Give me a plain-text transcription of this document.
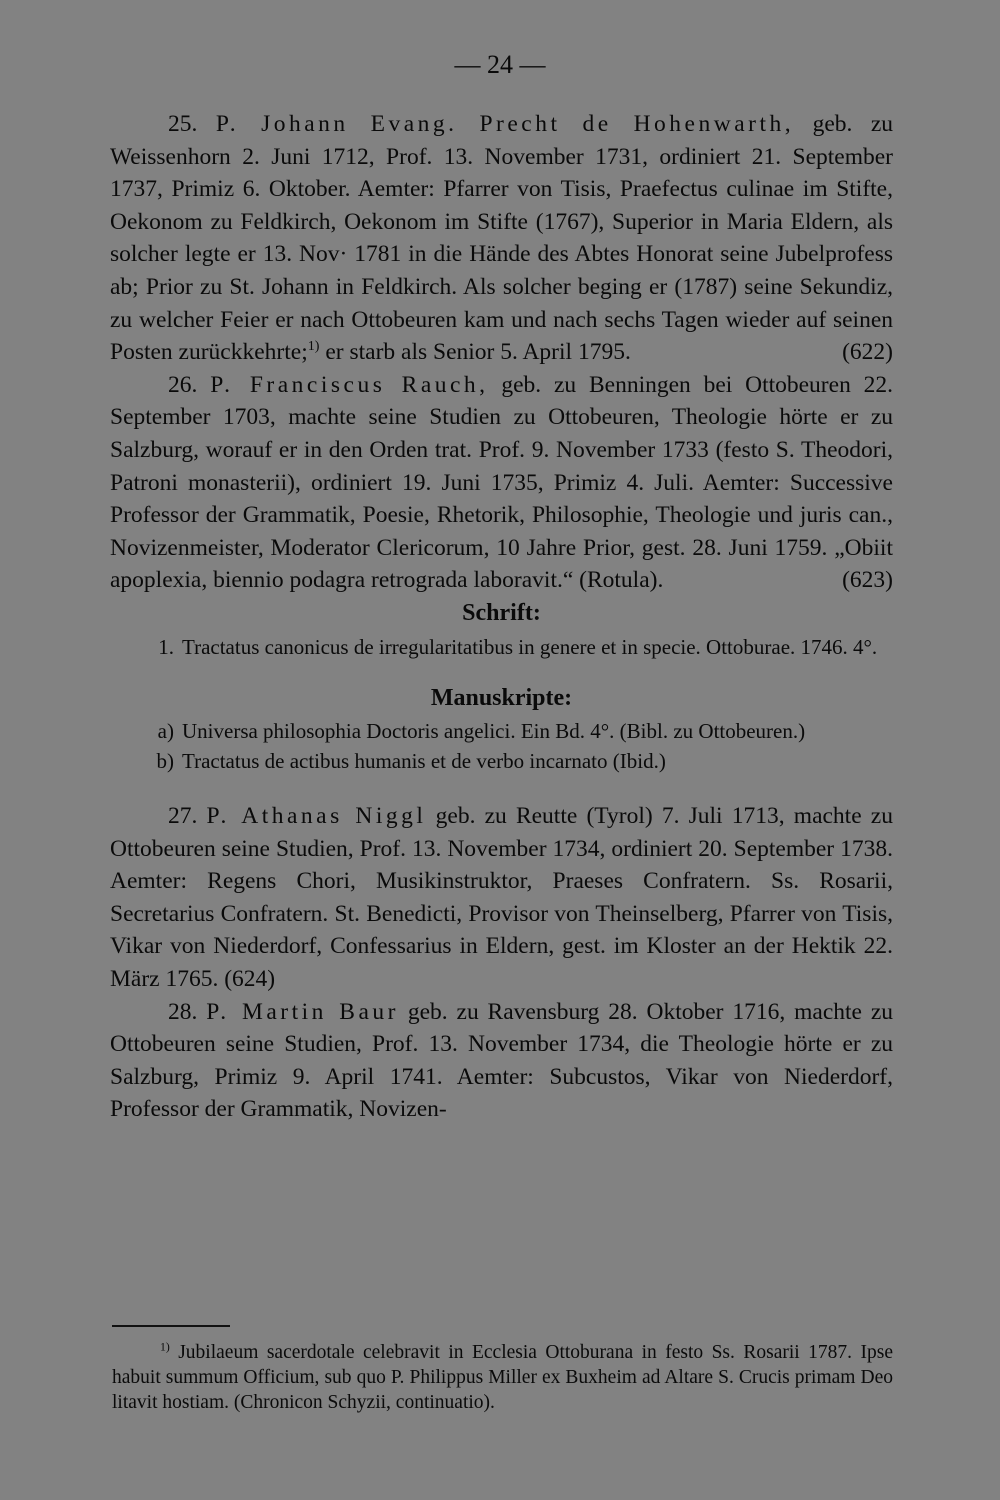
— 24 —

25. P. Johann Evang. Precht de Hohenwarth, geb. zu Weissenhorn 2. Juni 1712, Prof. 13. November 1731, ordiniert 21. September 1737, Primiz 6. Oktober. Aemter: Pfarrer von Tisis, Praefectus culinae im Stifte, Oekonom zu Feldkirch, Oekonom im Stifte (1767), Superior in Maria Eldern, als solcher legte er 13. Nov· 1781 in die Hände des Abtes Honorat seine Jubelprofess ab; Prior zu St. Johann in Feldkirch. Als solcher beging er (1787) seine Sekundiz, zu welcher Feier er nach Ottobeuren kam und nach sechs Tagen wieder auf seinen Posten zurückkehrte;$^{1)}$ er starb als Senior 5. April 1795.	(622)

26. P. Franciscus Rauch, geb. zu Benningen bei Ottobeuren 22. September 1703, machte seine Studien zu Ottobeuren, Theologie hörte er zu Salzburg, worauf er in den Orden trat. Prof. 9. November 1733 (festo S. Theodori, Patroni monasterii), ordiniert 19. Juni 1735, Primiz 4. Juli. Aemter: Successive Professor der Grammatik, Poesie, Rhetorik, Philosophie, Theologie und juris can., Novizenmeister, Moderator Clericorum, 10 Jahre Prior, gest. 28. Juni 1759. „Obiit apoplexia, biennio podagra retrograda laboravit.“ (Rotula).	(623)

Schrift:

1. Tractatus canonicus de irregularitatibus in genere et in specie. Ottoburae. 1746. 4°.

Manuskripte:

a) Universa philosophia Doctoris angelici. Ein Bd. 4°. (Bibl. zu Ottobeuren.)
b) Tractatus de actibus humanis et de verbo incarnato (Ibid.)

27. P. Athanas Niggl geb. zu Reutte (Tyrol) 7. Juli 1713, machte zu Ottobeuren seine Studien, Prof. 13. November 1734, ordiniert 20. September 1738. Aemter: Regens Chori, Musikinstruktor, Praeses Confratern. Ss. Rosarii, Secretarius Confratern. St. Benedicti, Provisor von Theinselberg, Pfarrer von Tisis, Vikar von Niederdorf, Confessarius in Eldern, gest. im Kloster an der Hektik 22. März 1765. (624)

28. P. Martin Baur geb. zu Ravensburg 28. Oktober 1716, machte zu Ottobeuren seine Studien, Prof. 13. November 1734, die Theologie hörte er zu Salzburg, Primiz 9. April 1741. Aemter: Subcustos, Vikar von Niederdorf, Professor der Grammatik, Novizen-

$^{1)}$ Jubilaeum sacerdotale celebravit in Ecclesia Ottoburana in festo Ss. Rosarii 1787. Ipse habuit summum Officium, sub quo P. Philippus Miller ex Buxheim ad Altare S. Crucis primam Deo litavit hostiam. (Chronicon Schyzii, continuatio).
